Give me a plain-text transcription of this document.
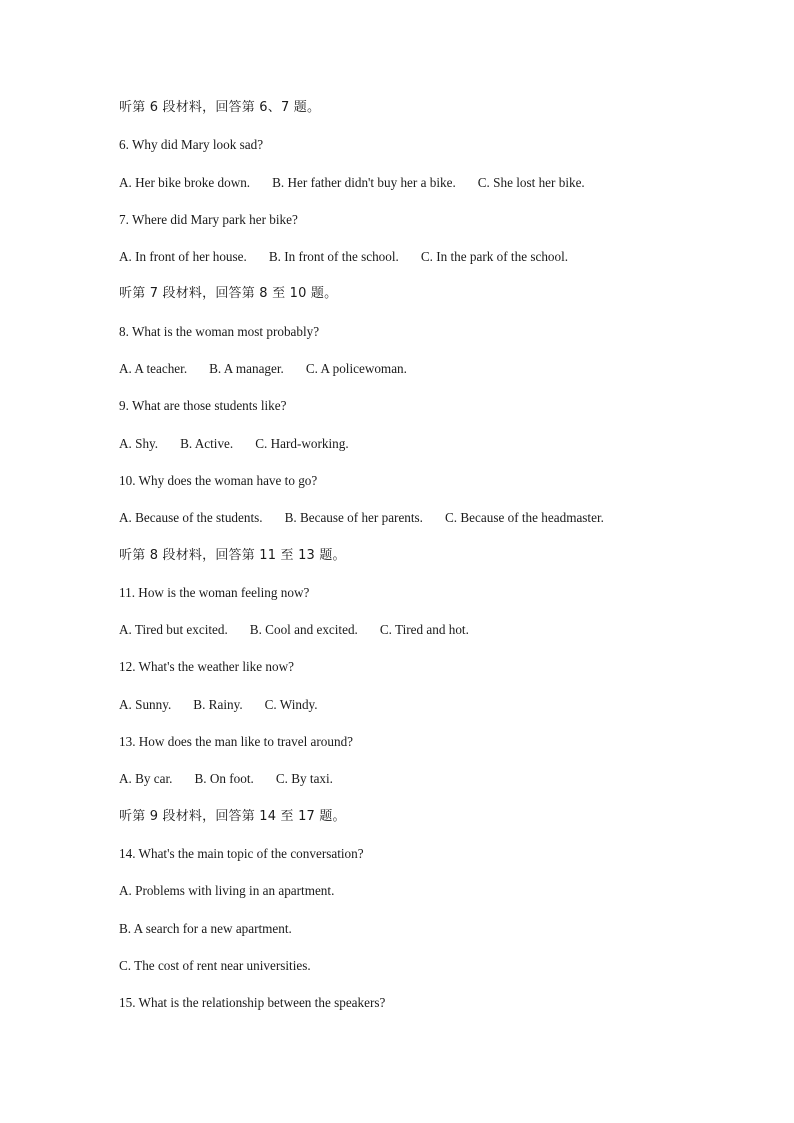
听第 6 段材料，回答第 6、7 题。
6. Why did Mary look sad?
A. Her bike broke down. B. Her father didn't buy her a bike. C. She lost her bike.
7. Where did Mary park her bike?
A. In front of her house. B. In front of the school. C. In the park of the school.
听第 7 段材料，回答第 8 至 10 题。
8. What is the woman most probably?
A. A teacher. B. A manager. C. A policewoman.
9. What are those students like?
A. Shy. B. Active. C. Hard-working.
10. Why does the woman have to go?
A. Because of the students. B. Because of her parents. C. Because of the headmaster.
听第 8 段材料，回答第 11 至 13 题。
11. How is the woman feeling now?
A. Tired but excited. B. Cool and excited. C. Tired and hot.
12. What's the weather like now?
A. Sunny. B. Rainy. C. Windy.
13. How does the man like to travel around?
A. By car. B. On foot. C. By taxi.
听第 9 段材料，回答第 14 至 17 题。
14. What's the main topic of the conversation?
A. Problems with living in an apartment.
B. A search for a new apartment.
C. The cost of rent near universities.
15. What is the relationship between the speakers?
